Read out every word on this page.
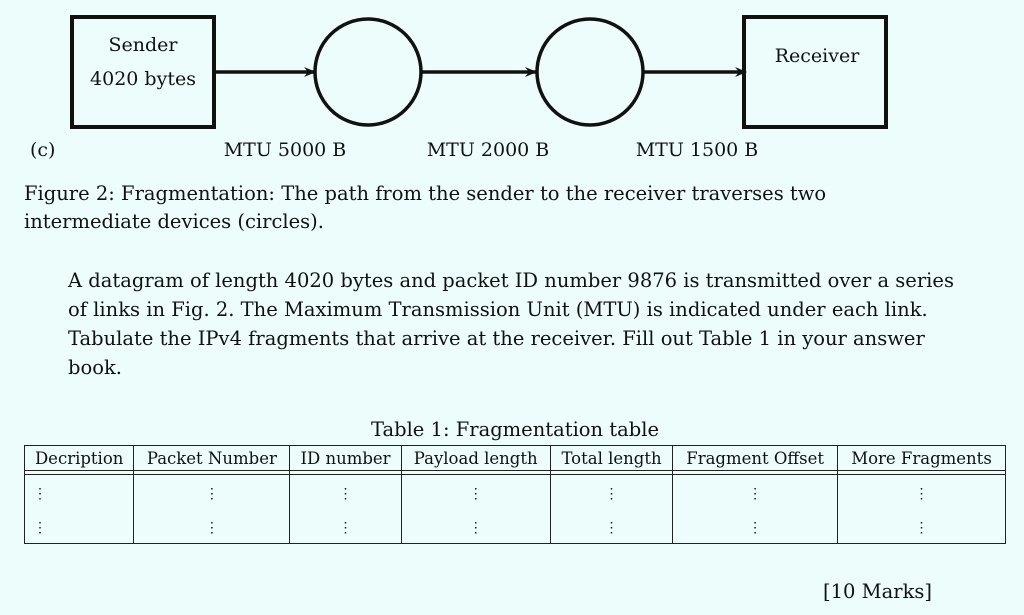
Sender
4020 bytes
Receiver
(c)	MTU 5000 B	MTU 2000 B	MTU 1500 B
Figure 2: Fragmentation: The path from the sender to the receiver traverses two intermediate devices (circles).
A datagram of length 4020 bytes and packet ID number 9876 is transmitted over a series of links in Fig. 2. The Maximum Transmission Unit (MTU) is indicated under each link. Tabulate the IPv4 fragments that arrive at the receiver. Fill out Table 1 in your answer book.
Table 1: Fragmentation table
Decription	Packet Number	ID number	Payload length	Total length	Fragment Offset	More Fragments

⋮	⋮	⋮	⋮	⋮	⋮	⋮
⋮	⋮	⋮	⋮	⋮	⋮	⋮
[10 Marks]
